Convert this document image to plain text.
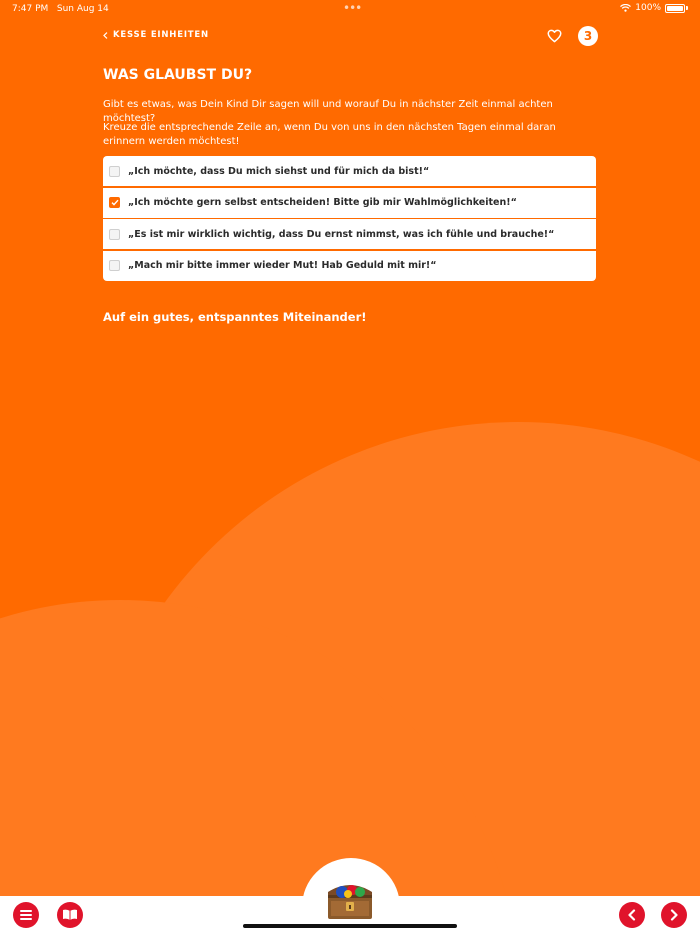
7:47 PM Sun Aug 14	•••	100%
KESSE EINHEITEN	3
WAS GLAUBST DU?

Gibt es etwas, was Dein Kind Dir sagen will und worauf Du in nächster Zeit einmal achten möchtest?

Kreuze die entsprechende Zeile an, wenn Du von uns in den nächsten Tagen einmal daran erinnern werden möchtest!

„Ich möchte, dass Du mich siehst und für mich da bist!“
„Ich möchte gern selbst entscheiden! Bitte gib mir Wahlmöglichkeiten!“
„Es ist mir wirklich wichtig, dass Du ernst nimmst, was ich fühle und brauche!“
„Mach mir bitte immer wieder Mut! Hab Geduld mit mir!“

Auf ein gutes, entspanntes Miteinander!
